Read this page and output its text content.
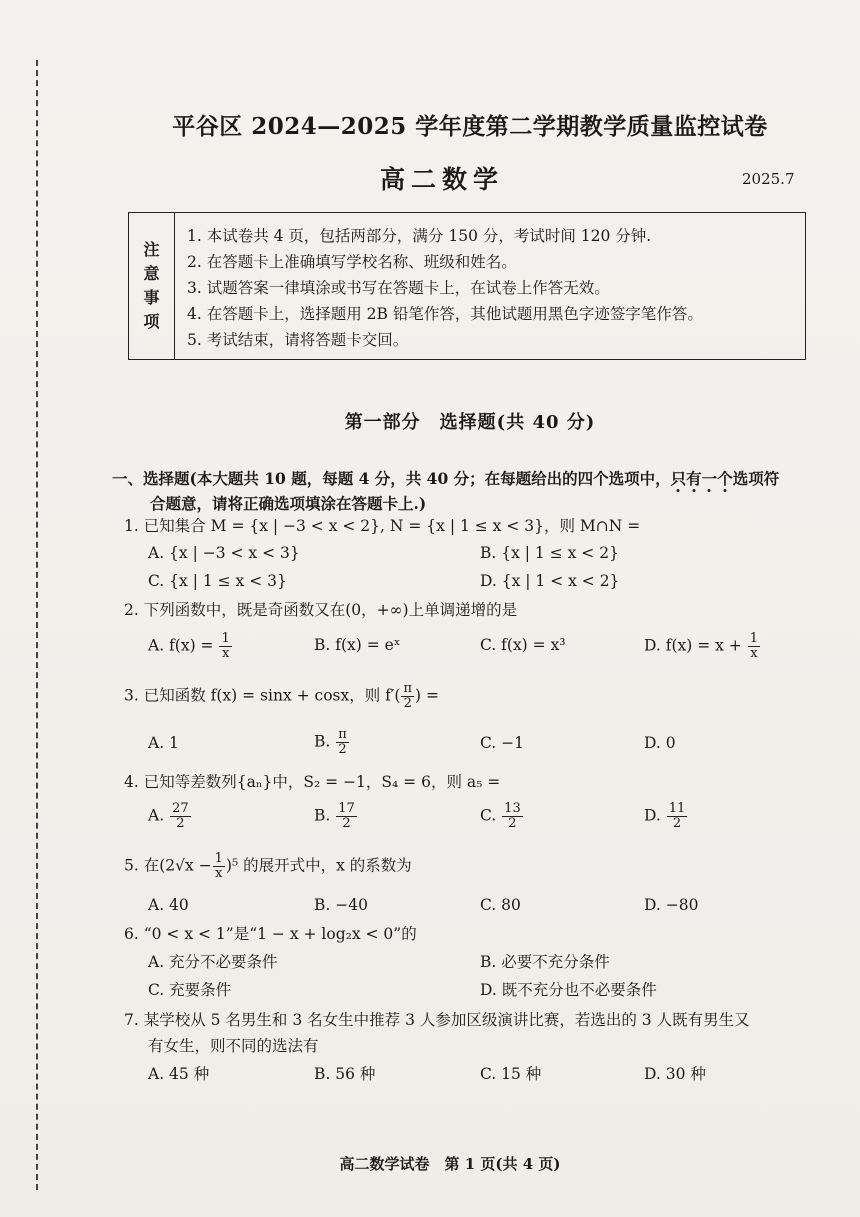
平谷区 2024—2025 学年度第二学期教学质量监控试卷
高二数学	2025.7
注
意
事
项
1. 本试卷共 4 页，包括两部分，满分 150 分，考试时间 120 分钟.
2. 在答题卡上准确填写学校名称、班级和姓名。
3. 试题答案一律填涂或书写在答题卡上，在试卷上作答无效。
4. 在答题卡上，选择题用 2B 铅笔作答，其他试题用黑色字迹签字笔作答。
5. 考试结束，请将答题卡交回。
第一部分　选择题(共 40 分)
一、选择题(本大题共 10 题，每题 4 分，共 40 分；在每题给出的四个选项中，只有一个选项符
合题意，请将正确选项填涂在答题卡上.)
1. 已知集合 M = {x | −3 < x < 2}, N = {x | 1 ≤ x < 3}，则 M∩N =
A. {x | −3 < x < 3}	B. {x | 1 ≤ x < 2}
C. {x | 1 ≤ x < 3}	D. {x | 1 < x < 2}
2. 下列函数中，既是奇函数又在(0，+∞)上单调递增的是
A. $f(x) = \frac{1}{x}$	B. f(x) = eˣ	C. f(x) = x³	D. $f(x) = x + \frac{1}{x}$
3. 已知函数 f(x) = sinx + cosx，则 $f'( \frac{\pi}{2}$ ) =
A. 1	B. $\frac{\pi}{2}$	C. −1	D. 0
4. 已知等差数列{aₙ}中，S₂ = −1，S₄ = 6，则 a₅ =
A. $\frac{27}{2}$	B. $\frac{17}{2}$	C. $\frac{13}{2}$	D. $\frac{11}{2}$
5. 在$(2√x - \frac{1}{x} )^5$ 的展开式中，x 的系数为
A. 40	B. −40	C. 80	D. −80
6. “0 < x < 1”是“1 − x + log₂x < 0”的
A. 充分不必要条件	B. 必要不充分条件
C. 充要条件	D. 既不充分也不必要条件
7. 某学校从 5 名男生和 3 名女生中推荐 3 人参加区级演讲比赛，若选出的 3 人既有男生又
有女生，则不同的选法有
A. 45 种	B. 56 种	C. 15 种	D. 30 种
高二数学试卷　第 1 页(共 4 页)
